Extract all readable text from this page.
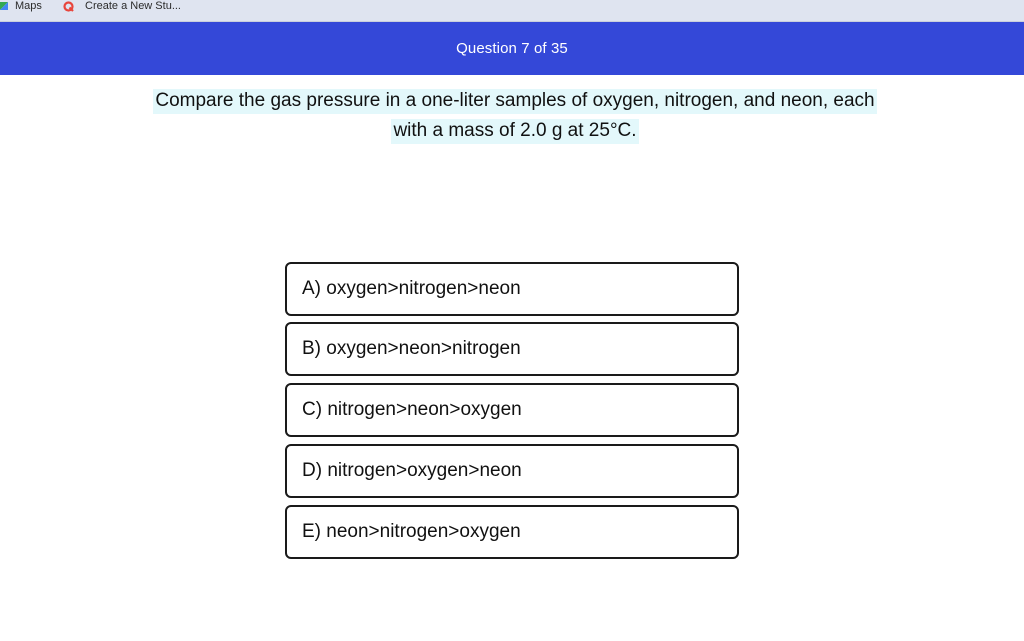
Maps	Create a New Stu...
Question 7 of 35
Compare the gas pressure in a one-liter samples of oxygen, nitrogen, and neon, each with a mass of 2.0 g at 25°C.
A) oxygen>nitrogen>neon
B) oxygen>neon>nitrogen
C) nitrogen>neon>oxygen
D) nitrogen>oxygen>neon
E) neon>nitrogen>oxygen
